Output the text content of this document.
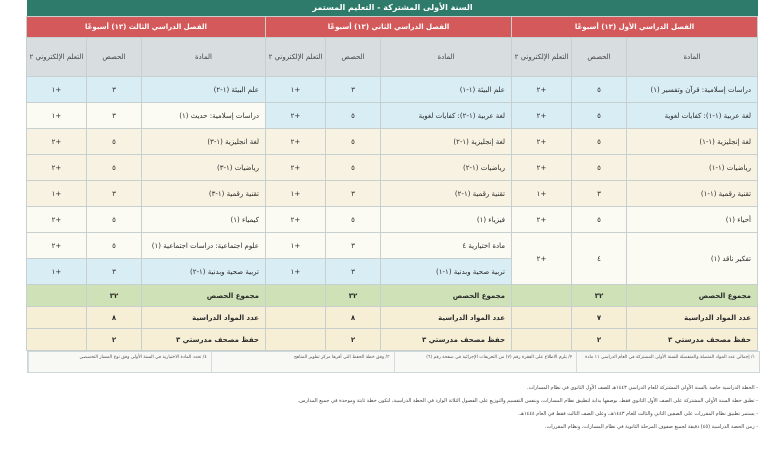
السنة الأولى المشتركة - التعليم المستمر
الفصل الدراسي الأول (١٣) أسبوعًا			الفصل الدراسي الثاني (١٣) أسبوعًا			الفصل الدراسي الثالث (١٣) أسبوعًا		
المادة	الحصص	التعلم الإلكتروني ٢	المادة	الحصص	التعلم الإلكتروني ٢	المادة	الحصص	التعلم الإلكتروني ٢
دراسات إسلامية: قرآن وتفسير (١)	٥	+٢	علم البيئة (١-١)	٣	+١	علم البيئة (١-٢)	٣	+١
لغة عربية (١-١): كفايات لغوية	٥	+٢	لغة عربية (١-٢): كفايات لغوية	٥	+٢	دراسات إسلامية: حديث (١)	٣	+١
لغة إنجليزية (١-١)	٥	+٢	لغة إنجليزية (١-٢)	٥	+٢	لغة انجليزية (١-٣)	٥	+٢
رياضيات (١-١)	٥	+٢	رياضيات (١-٢)	٥	+٢	رياضيات (١-٣)	٥	+٢
تقنية رقمية (١-١)	٣	+١	تقنية رقمية (١-٢)	٣	+١	تقنية رقمية (١-٣)	٣	+١
أحياء (١)	٥	+٢	فيزياء (١)	٥	+٢	كيمياء (١)	٥	+٢
تفكير ناقد (١)	٤	+٢	مادة اختيارية ٤	٣	+١	علوم اجتماعية: دراسات اجتماعية (١)	٥	+٢
			تربية صحية وبدنية (١-١)	٣	+١	تربية صحية وبدنية (١-٢)	٣	+١
مجموع الحصص	٣٢		مجموع الحصص	٣٢		مجموع الحصص	٣٢	
عدد المواد الدراسية	٧		عدد المواد الدراسية	٨		عدد المواد الدراسية	٨	
حفظ مصحف مدرستي ٣	٢		حفظ مصحف مدرستي ٣	٢		حفظ مصحف مدرستي ٣	٢	
١/ إجمالي عدد المواد المتصلة والمنفصلة للسنة الأولى المشتركة في العام الدراسي ١١ مادة
٢/ يلزم الاطلاع على الفقرة رقم (٧) من التعريفات الإجرائية في صفحة رقم (٦)
٣/ وفق خطة الحفظ التي أقرها مركز تطوير المناهج
٤/ تحدد المادة الاختيارية في السنة الأولى وفق نوع المسار التخصصي

- الخطة الدراسية خاصة بالسنة الأولى المشتركة للعام الدراسي ١٤٤٣هـ للصف الأول الثانوي في نظام المسارات.

- تطبق خطة السنة الأولى المشتركة على الصف الأول الثانوي فقط، بوصفها بداية لتطبيق نظام المسارات، وبنفس التقسيم والتوزيع على الفصول الثلاثة الوارد في الخطة الدراسية، لتكون خطة ثابتة وموحدة في جميع المدارس.

- يستمر تطبيق نظام المقررات على الصفين الثاني والثالث للعام ١٤٤٣هـ، وعلى الصف الثالث فقط في العام ١٤٤٤هـ.

- زمن الحصة الدراسية (٤٥) دقيقة لجميع صفوف المرحلة الثانوية في نظام المسارات، ونظام المقررات.
